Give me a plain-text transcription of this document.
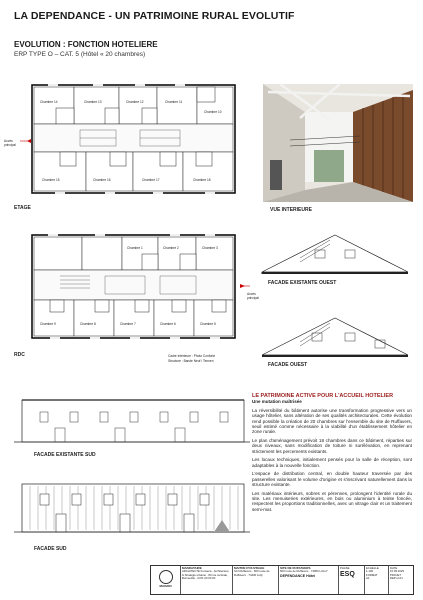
LA DEPENDANCE - UN PATRIMOINE RURAL EVOLUTIF
EVOLUTION : FONCTION HOTELIERE
ERP TYPE O – CAT. 5 (Hôtel « 20 chambres)
Chambre 14	Chambre 13	Chambre 12	Chambre 11
Chambre 10
Chambre 15	Chambre 16	Chambre 17	Chambre 18
Accès principal
ETAGE	VUE INTERIEURE
Chambre 1	Chambre 2	Chambre 3
Chambre 9	Chambre 8	Chambre 7	Chambre 6	Chambre 5
Accès principal
RDC	Cadre Intérieure : Photo Conforte
Structure : Bande Neuf / Tennen
FACADE EXISTANTE OUEST
FACADE OUEST
FACADE EXISTANTE SUD
FACADE SUD
LE PATRIMOINE ACTIVE POUR L'ACCUEIL HOTELIER
Une mutation maîtrisée

La réversibilité du bâtiment autorise une transformation progressive vers un usage hôtelier, sans altération de ses qualités architecturales. Cette évolution rend possible la création de 20 chambres sur l'ensemble du site de Ruffavers, seuil estimé comme nécessaire à la viabilité d'un établissement hôtelier en zone rurale.

Le plan d'aménagement prévoit 18 chambres dans ce bâtiment, réparties sur deux niveaux, sans modification de toiture ni surélévation, en reprenant strictement les percements existants.

Les locaux techniques, initialement pensés pour la salle de réception, sont adaptables à la nouvelle fonction.

L'espace de distribution central, en double hauteur traversée par des passerelles valorisant le volume d'origine et s'inscrivant naturellement dans la structure existante.

Les matériaux intérieurs, sobres et pérennes, prolongent l'identité rurale du site. Les menuiseries extérieures, en bois ou aluminium à teinte foncée, respectent les proportions traditionnelles, avec un vitrage clair et un traitement semi-mat.

MAISON
MANDATAIRE
ARCHITECTE Fonseca · Architecture & Stratégie urbaine · 80 rue centrale, Bonneville · 0471 00 00 00
MAITRE D'OUVRAGE
SCI Ruffavers · 600 route de Ruffavers · 74400 Lully
SITE DE RUFFAVERS
600 route de Ruffavers · 74950 LULLY
DEPENDANCE Hôtel
PHASE
ESQ
ECHELLE
1:100
FORMAT
A1
DATE
15.05.2025
PROJET
DEP-H-01
